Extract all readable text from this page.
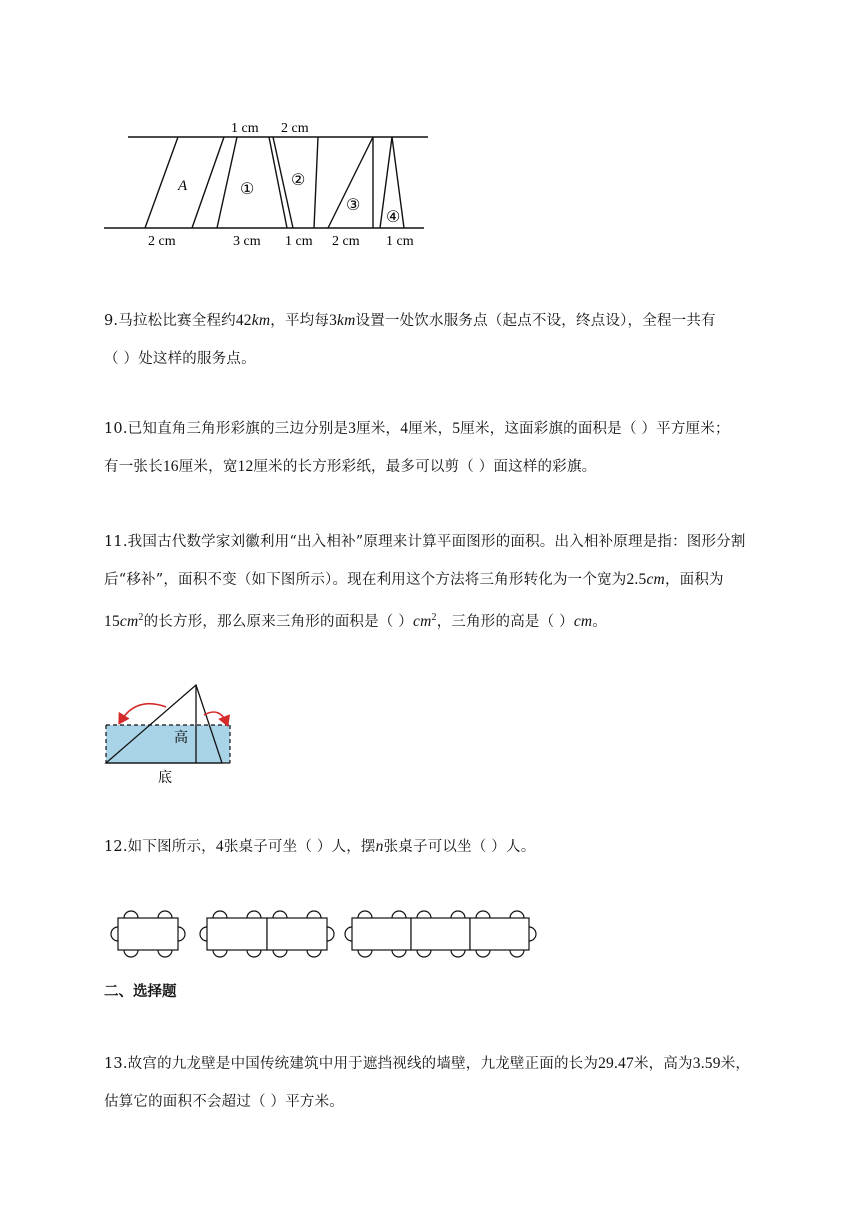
1 cm 2 cm
2 cm	3 cm 1 cm 2 cm 1 cm
A	①
②
③
④

9.马拉松比赛全程约42km，平均每3km设置一处饮水服务点（起点不设，终点设），全程一共有

（ ）处这样的服务点。

10.已知直角三角形彩旗的三边分别是3厘米，4厘米，5厘米，这面彩旗的面积是（ ）平方厘米；

有一张长16厘米，宽12厘米的长方形彩纸，最多可以剪（ ）面这样的彩旗。

11.我国古代数学家刘徽利用“出入相补”原理来计算平面图形的面积。出入相补原理是指：图形分割

后“移补”，面积不变（如下图所示）。现在利用这个方法将三角形转化为一个宽为2.5cm，面积为

$15cm^2$的长方形，那么原来三角形的面积是（ ）$cm^2$，三角形的高是（ ）cm。

高
底

12.如下图所示，4张桌子可坐（ ）人，摆n张桌子可以坐（ ）人。

二、选择题

13.故宫的九龙壁是中国传统建筑中用于遮挡视线的墙壁，九龙壁正面的长为29.47米，高为3.59米，

估算它的面积不会超过（ ）平方米。
